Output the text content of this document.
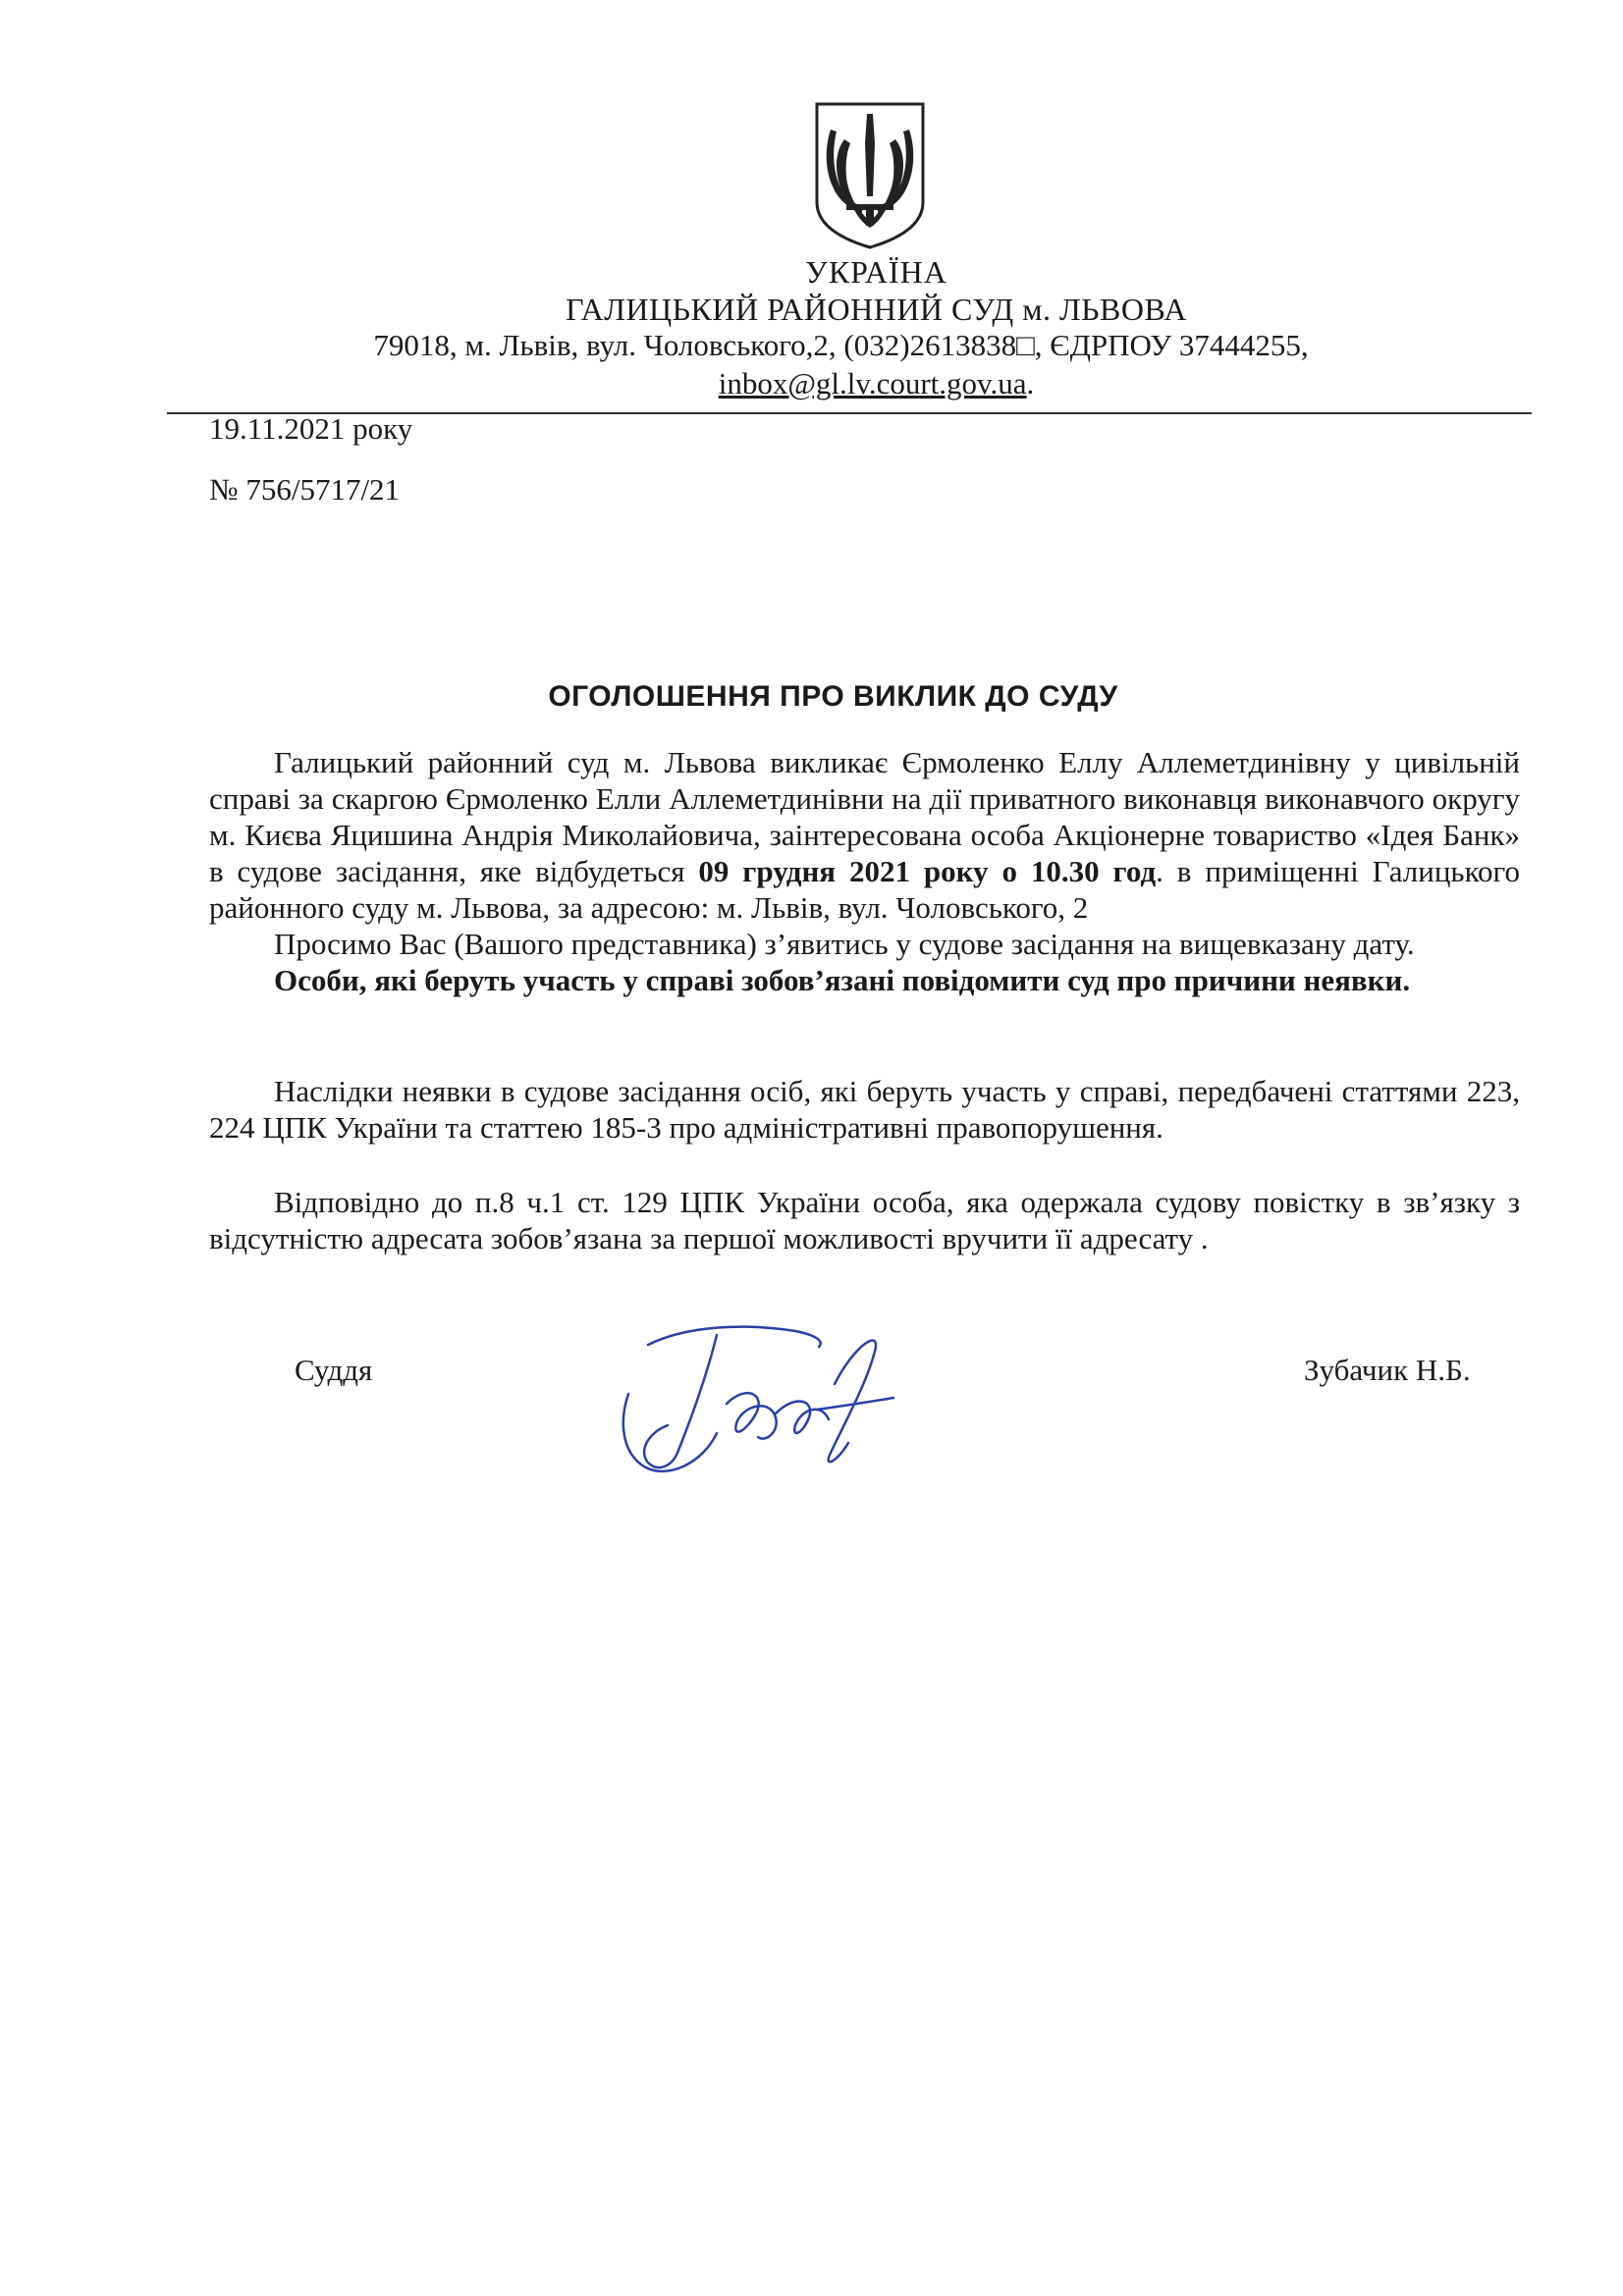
УКРАЇНА
ГАЛИЦЬКИЙ РАЙОННИЙ СУД м. ЛЬВОВА
79018, м. Львів, вул. Чоловського,2, (032)2613838□, ЄДРПОУ 37444255,
inbox@gl.lv.court.gov.ua.
19.11.2021 року
№ 756/5717/21
ОГОЛОШЕННЯ ПРО ВИКЛИК ДО СУДУ
Галицький районний суд м. Львова викликає Єрмоленко Еллу Аллеметдинівну у цивільній справі за скаргою Єрмоленко Елли Аллеметдинівни на дії приватного виконавця виконавчого округу м. Києва Яцишина Андрія Миколайовича, заінтересована особа Акціонерне товариство «Ідея Банк» в судове засідання, яке відбудеться 09 грудня 2021 року о 10.30 год. в приміщенні Галицького районного суду м. Львова, за адресою: м. Львів, вул. Чоловського, 2
Просимо Вас (Вашого представника) з’явитись у судове засідання на вищевказану дату.
Особи, які беруть участь у справі зобов’язані повідомити суд про причини неявки.
Наслідки неявки в судове засідання осіб, які беруть участь у справі, передбачені статтями 223, 224 ЦПК України та статтею 185-3 про адміністративні правопорушення.
Відповідно до п.8 ч.1 ст. 129 ЦПК України особа, яка одержала судову повістку в зв’язку з відсутністю адресата зобов’язана за першої можливості вручити її адресату .
Суддя	Зубачик Н.Б.
